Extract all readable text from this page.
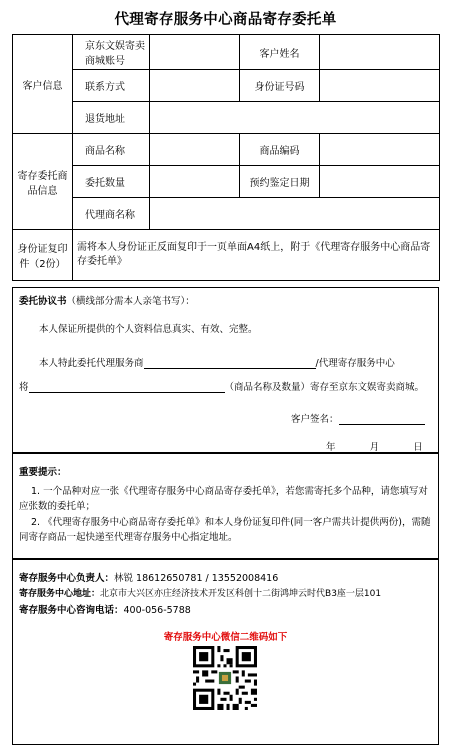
代理寄存服务中心商品寄存委托单
客户信息	京东文娱寄卖商城账号		客户姓名	
	联系方式		身份证号码	
	退货地址			
寄存委托商品信息	商品名称		商品编码	
	委托数量		预约鉴定日期	
	代理商名称			
身份证复印件（2份）	需将本人身份证正反面复印于一页单面A4纸上，附于《代理寄存服务中心商品寄存委托单》			
委托协议书（横线部分需本人亲笔书写）：
本人保证所提供的个人资料信息真实、有效、完整。
本人特此委托代理服务商	/代理寄存服务中心
将	（商品名称及数量）寄存至京东文娱寄卖商城。
客户签名：
年	月	日
重要提示：
1. 一个品种对应一张《代理寄存服务中心商品寄存委托单》，若您需寄托多个品种，请您填写对应张数的委托单；
2. 《代理寄存服务中心商品寄存委托单》和本人身份证复印件(同一客户需共计提供两份)，需随同寄存商品一起快递至代理寄存服务中心指定地址。
寄存服务中心负责人：林锐 18612650781 / 13552008416
寄存服务中心地址：北京市大兴区亦庄经济技术开发区科创十二街鸿坤云时代B3座一层101
寄存服务中心咨询电话：400-056-5788
寄存服务中心微信二维码如下
